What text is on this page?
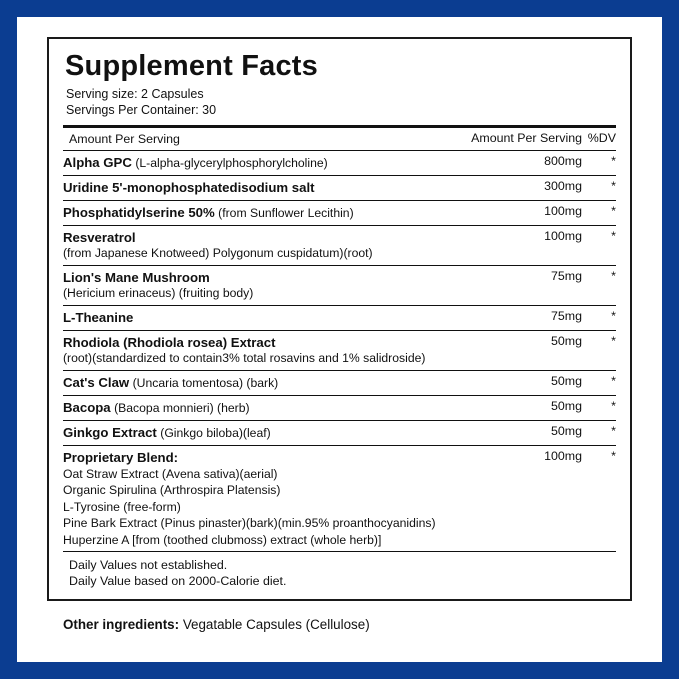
Supplement Facts
Serving size: 2 Capsules
Servings Per Container: 30
Amount Per Serving	Amount Per Serving	%DV
Alpha GPC (L-alpha-glycerylphosphorylcholine)	800mg	*
Uridine 5'-monophosphatedisodium salt	300mg	*
Phosphatidylserine 50% (from Sunflower Lecithin)	100mg	*

Resveratrol
(from Japanese Knotweed) Polygonum cuspidatum)(root)	100mg	*

Lion's Mane Mushroom
(Hericium erinaceus) (fruiting body)	75mg	*
L-Theanine	75mg	*

Rhodiola (Rhodiola rosea) Extract
(root)(standardized to contain3% total rosavins and 1% salidroside)	50mg	*
Cat's Claw (Uncaria tomentosa) (bark)	50mg	*
Bacopa (Bacopa monnieri) (herb)	50mg	*
Ginkgo Extract (Ginkgo biloba)(leaf)	50mg	*

Proprietary Blend:
Oat Straw Extract (Avena sativa)(aerial)
Organic Spirulina (Arthrospira Platensis)
L-Tyrosine (free-form)
Pine Bark Extract (Pinus pinaster)(bark)(min.95% proanthocyanidins)
Huperzine A [from (toothed clubmoss) extract (whole herb)]
	100mg	*
Daily Values not established.
Daily Value based on 2000-Calorie diet.
Other ingredients: Vegatable Capsules (Cellulose)
